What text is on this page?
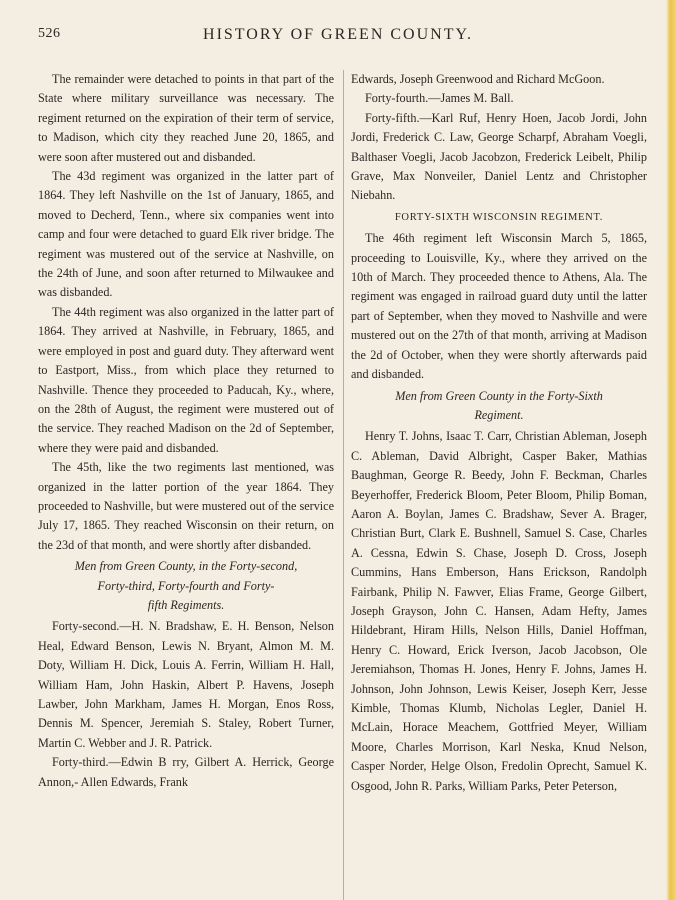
526	HISTORY OF GREEN COUNTY.

The remainder were detached to points in that part of the State where military surveillance was necessary. The regiment returned on the expiration of their term of service, to Madison, which city they reached June 20, 1865, and were soon after mustered out and disbanded.

The 43d regiment was organized in the latter part of 1864. They left Nashville on the 1st of January, 1865, and moved to Decherd, Tenn., where six companies went into camp and four were detached to guard Elk river bridge. The regiment was mustered out of the service at Nashville, on the 24th of June, and soon after returned to Milwaukee and was disbanded.

The 44th regiment was also organized in the latter part of 1864. They arrived at Nashville, in February, 1865, and were employed in post and guard duty. They afterward went to Eastport, Miss., from which place they returned to Nashville. Thence they proceeded to Paducah, Ky., where, on the 28th of August, the regiment were mustered out of the service. They reached Madison on the 2d of September, where they were paid and disbanded.

The 45th, like the two regiments last mentioned, was organized in the latter portion of the year 1864. They proceeded to Nashville, but were mustered out of the service July 17, 1865. They reached Wisconsin on their return, on the 23d of that month, and were shortly after disbanded.

Men from Green County, in the Forty-second,
Forty-third, Forty-fourth and Forty-
fifth Regiments.

Forty-second.—H. N. Bradshaw, E. H. Benson, Nelson Heal, Edward Benson, Lewis N. Bryant, Almon M. M. Doty, William H. Dick, Louis A. Ferrin, William H. Hall, William Ham, John Haskin, Albert P. Havens, Joseph Lawber, John Markham, James H. Morgan, Enos Ross, Dennis M. Spencer, Jeremiah S. Staley, Robert Turner, Martin C. Webber and J. R. Patrick.

Forty-third.—Edwin B rry, Gilbert A. Herrick, George Annon,- Allen Edwards, Frank

Edwards, Joseph Greenwood and Richard McGoon.

Forty-fourth.—James M. Ball.

Forty-fifth.—Karl Ruf, Henry Hoen, Jacob Jordi, John Jordi, Frederick C. Law, George Scharpf, Abraham Voegli, Balthaser Voegli, Jacob Jacobzon, Frederick Leibelt, Philip Grave, Max Nonveiler, Daniel Lentz and Christopher Niebahn.

FORTY-SIXTH WISCONSIN REGIMENT.

The 46th regiment left Wisconsin March 5, 1865, proceeding to Louisville, Ky., where they arrived on the 10th of March. They proceeded thence to Athens, Ala. The regiment was engaged in railroad guard duty until the latter part of September, when they moved to Nashville and were mustered out on the 27th of that month, arriving at Madison the 2d of October, when they were shortly afterwards paid and disbanded.

Men from Green County in the Forty-Sixth
Regiment.

Henry T. Johns, Isaac T. Carr, Christian Ableman, Joseph C. Ableman, David Albright, Casper Baker, Mathias Baughman, George R. Beedy, John F. Beckman, Charles Beyerhoffer, Frederick Bloom, Peter Bloom, Philip Boman, Aaron A. Boylan, James C. Bradshaw, Sever A. Brager, Christian Burt, Clark E. Bushnell, Samuel S. Case, Charles A. Cessna, Edwin S. Chase, Joseph D. Cross, Joseph Cummins, Hans Emberson, Hans Erickson, Randolph Fairbank, Philip N. Fawver, Elias Frame, George Gilbert, Joseph Grayson, John C. Hansen, Adam Hefty, James Hildebrant, Hiram Hills, Nelson Hills, Daniel Hoffman, Henry C. Howard, Erick Iverson, Jacob Jacobson, Ole Jeremiahson, Thomas H. Jones, Henry F. Johns, James H. Johnson, John Johnson, Lewis Keiser, Joseph Kerr, Jesse Kimble, Thomas Klumb, Nicholas Legler, Daniel H. McLain, Horace Meachem, Gottfried Meyer, William Moore, Charles Morrison, Karl Neska, Knud Nelson, Casper Norder, Helge Olson, Fredolin Oprecht, Samuel K. Osgood, John R. Parks, William Parks, Peter Peterson,
